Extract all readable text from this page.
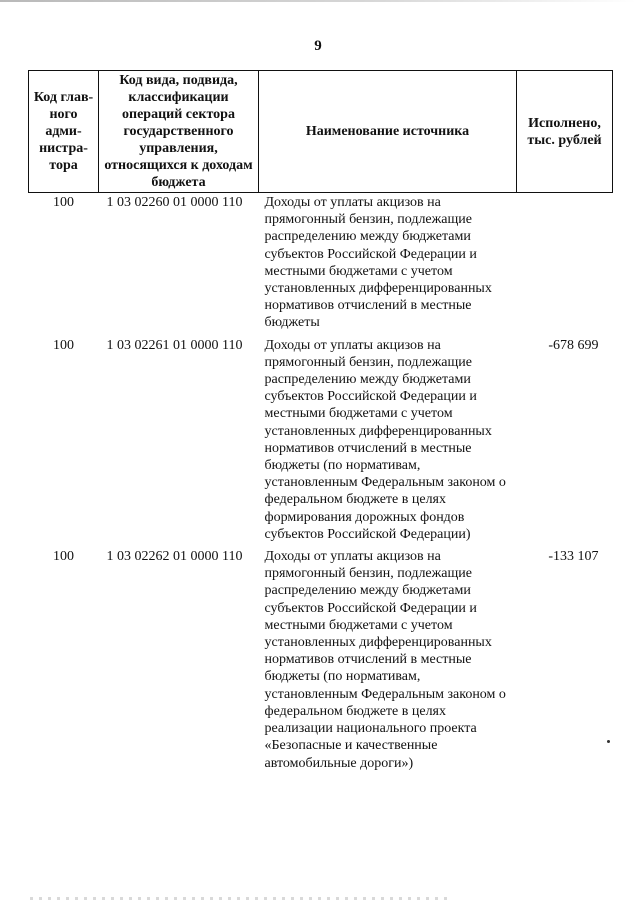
9
Код глав-ного адми-нистра-тора	Код вида, подвида, классификации операций сектора государственного управления, относящихся к доходам бюджета	Наименование источника	Исполнено, тыс. рублей
100	1 03 02260 01 0000 110	Доходы от уплаты акцизов на прямогонный бензин, подлежащие распределению между бюджетами субъектов Российской Федерации и местными бюджетами с учетом установленных дифференцированных нормативов отчислений в местные бюджеты	
100	1 03 02261 01 0000 110	Доходы от уплаты акцизов на прямогонный бензин, подлежащие распределению между бюджетами субъектов Российской Федерации и местными бюджетами с учетом установленных дифференцированных нормативов отчислений в местные бюджеты (по нормативам, установленным Федеральным законом о федеральном бюджете в целях формирования дорожных фондов субъектов Российской Федерации)	-678 699
100	1 03 02262 01 0000 110	Доходы от уплаты акцизов на прямогонный бензин, подлежащие распределению между бюджетами субъектов Российской Федерации и местными бюджетами с учетом установленных дифференцированных нормативов отчислений в местные бюджеты (по нормативам, установленным Федеральным законом о федеральном бюджете в целях реализации национального проекта «Безопасные и качественные автомобильные дороги»)	-133 107
